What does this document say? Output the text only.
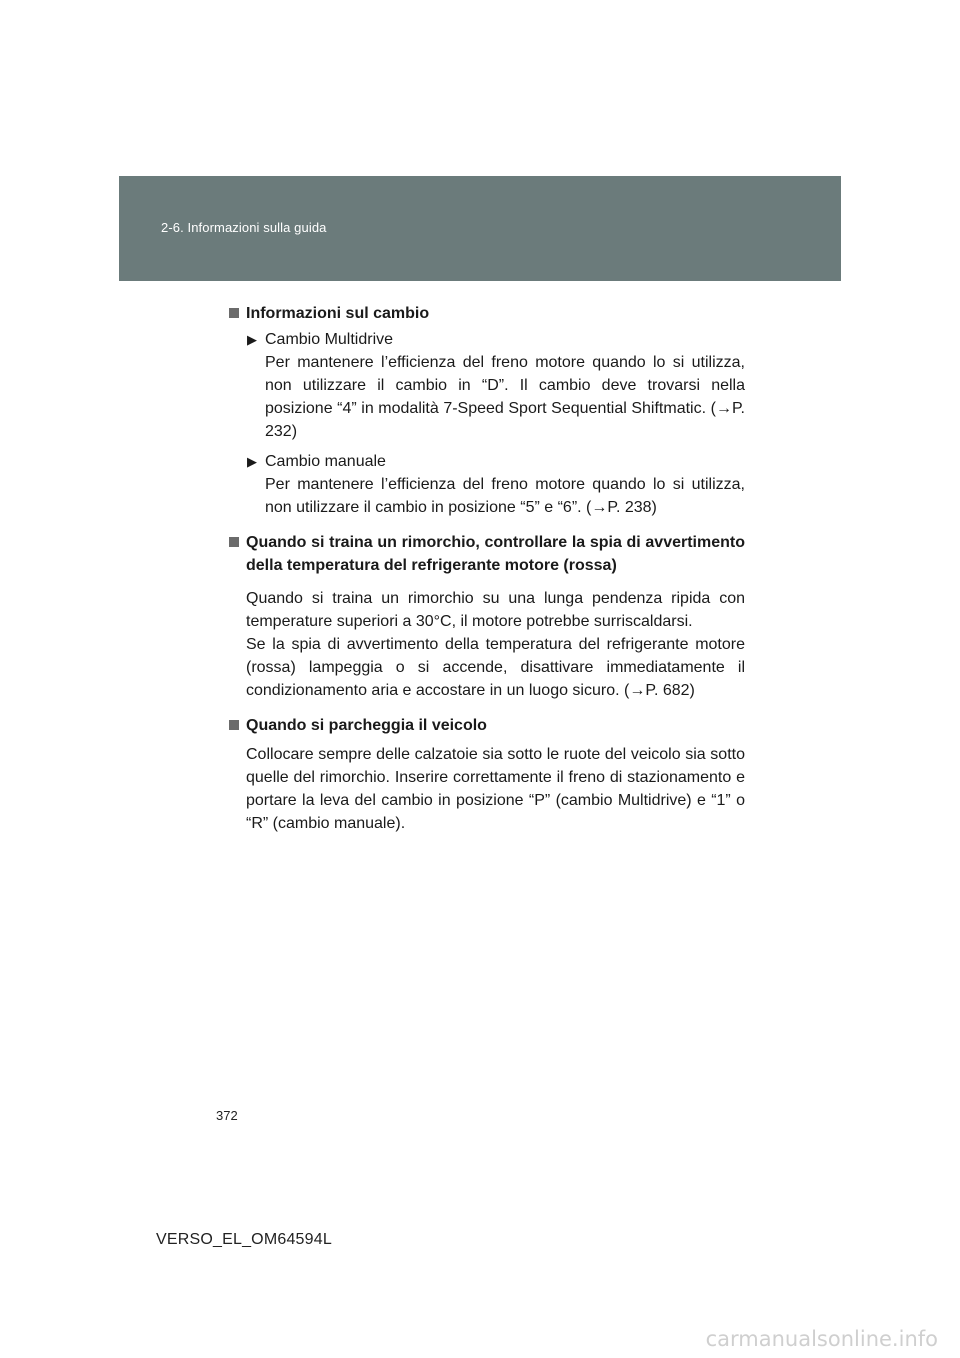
2-6. Informazioni sulla guida
Informazioni sul cambio
▶ Cambio Multidrive
Per mantenere l’efficienza del freno motore quando lo si utilizza, non utilizzare il cambio in “D”. Il cambio deve trovarsi nella posizione “4” in modalità 7-Speed Sport Sequential Shiftmatic. (→P. 232)
▶ Cambio manuale
Per mantenere l’efficienza del freno motore quando lo si utilizza, non utilizzare il cambio in posizione “5” e “6”. (→P. 238)
Quando si traina un rimorchio, controllare la spia di avvertimento della temperatura del refrigerante motore (rossa)
Quando si traina un rimorchio su una lunga pendenza ripida con temperature superiori a 30°C, il motore potrebbe surriscaldarsi.
Se la spia di avvertimento della temperatura del refrigerante motore (rossa) lampeggia o si accende, disattivare immediatamente il condizionamento aria e accostare in un luogo sicuro. (→P. 682)
Quando si parcheggia il veicolo
Collocare sempre delle calzatoie sia sotto le ruote del veicolo sia sotto quelle del rimorchio. Inserire correttamente il freno di stazionamento e portare la leva del cambio in posizione “P” (cambio Multidrive) e “1” o “R” (cambio manuale).
372
VERSO_EL_OM64594L
carmanualsonline.info
